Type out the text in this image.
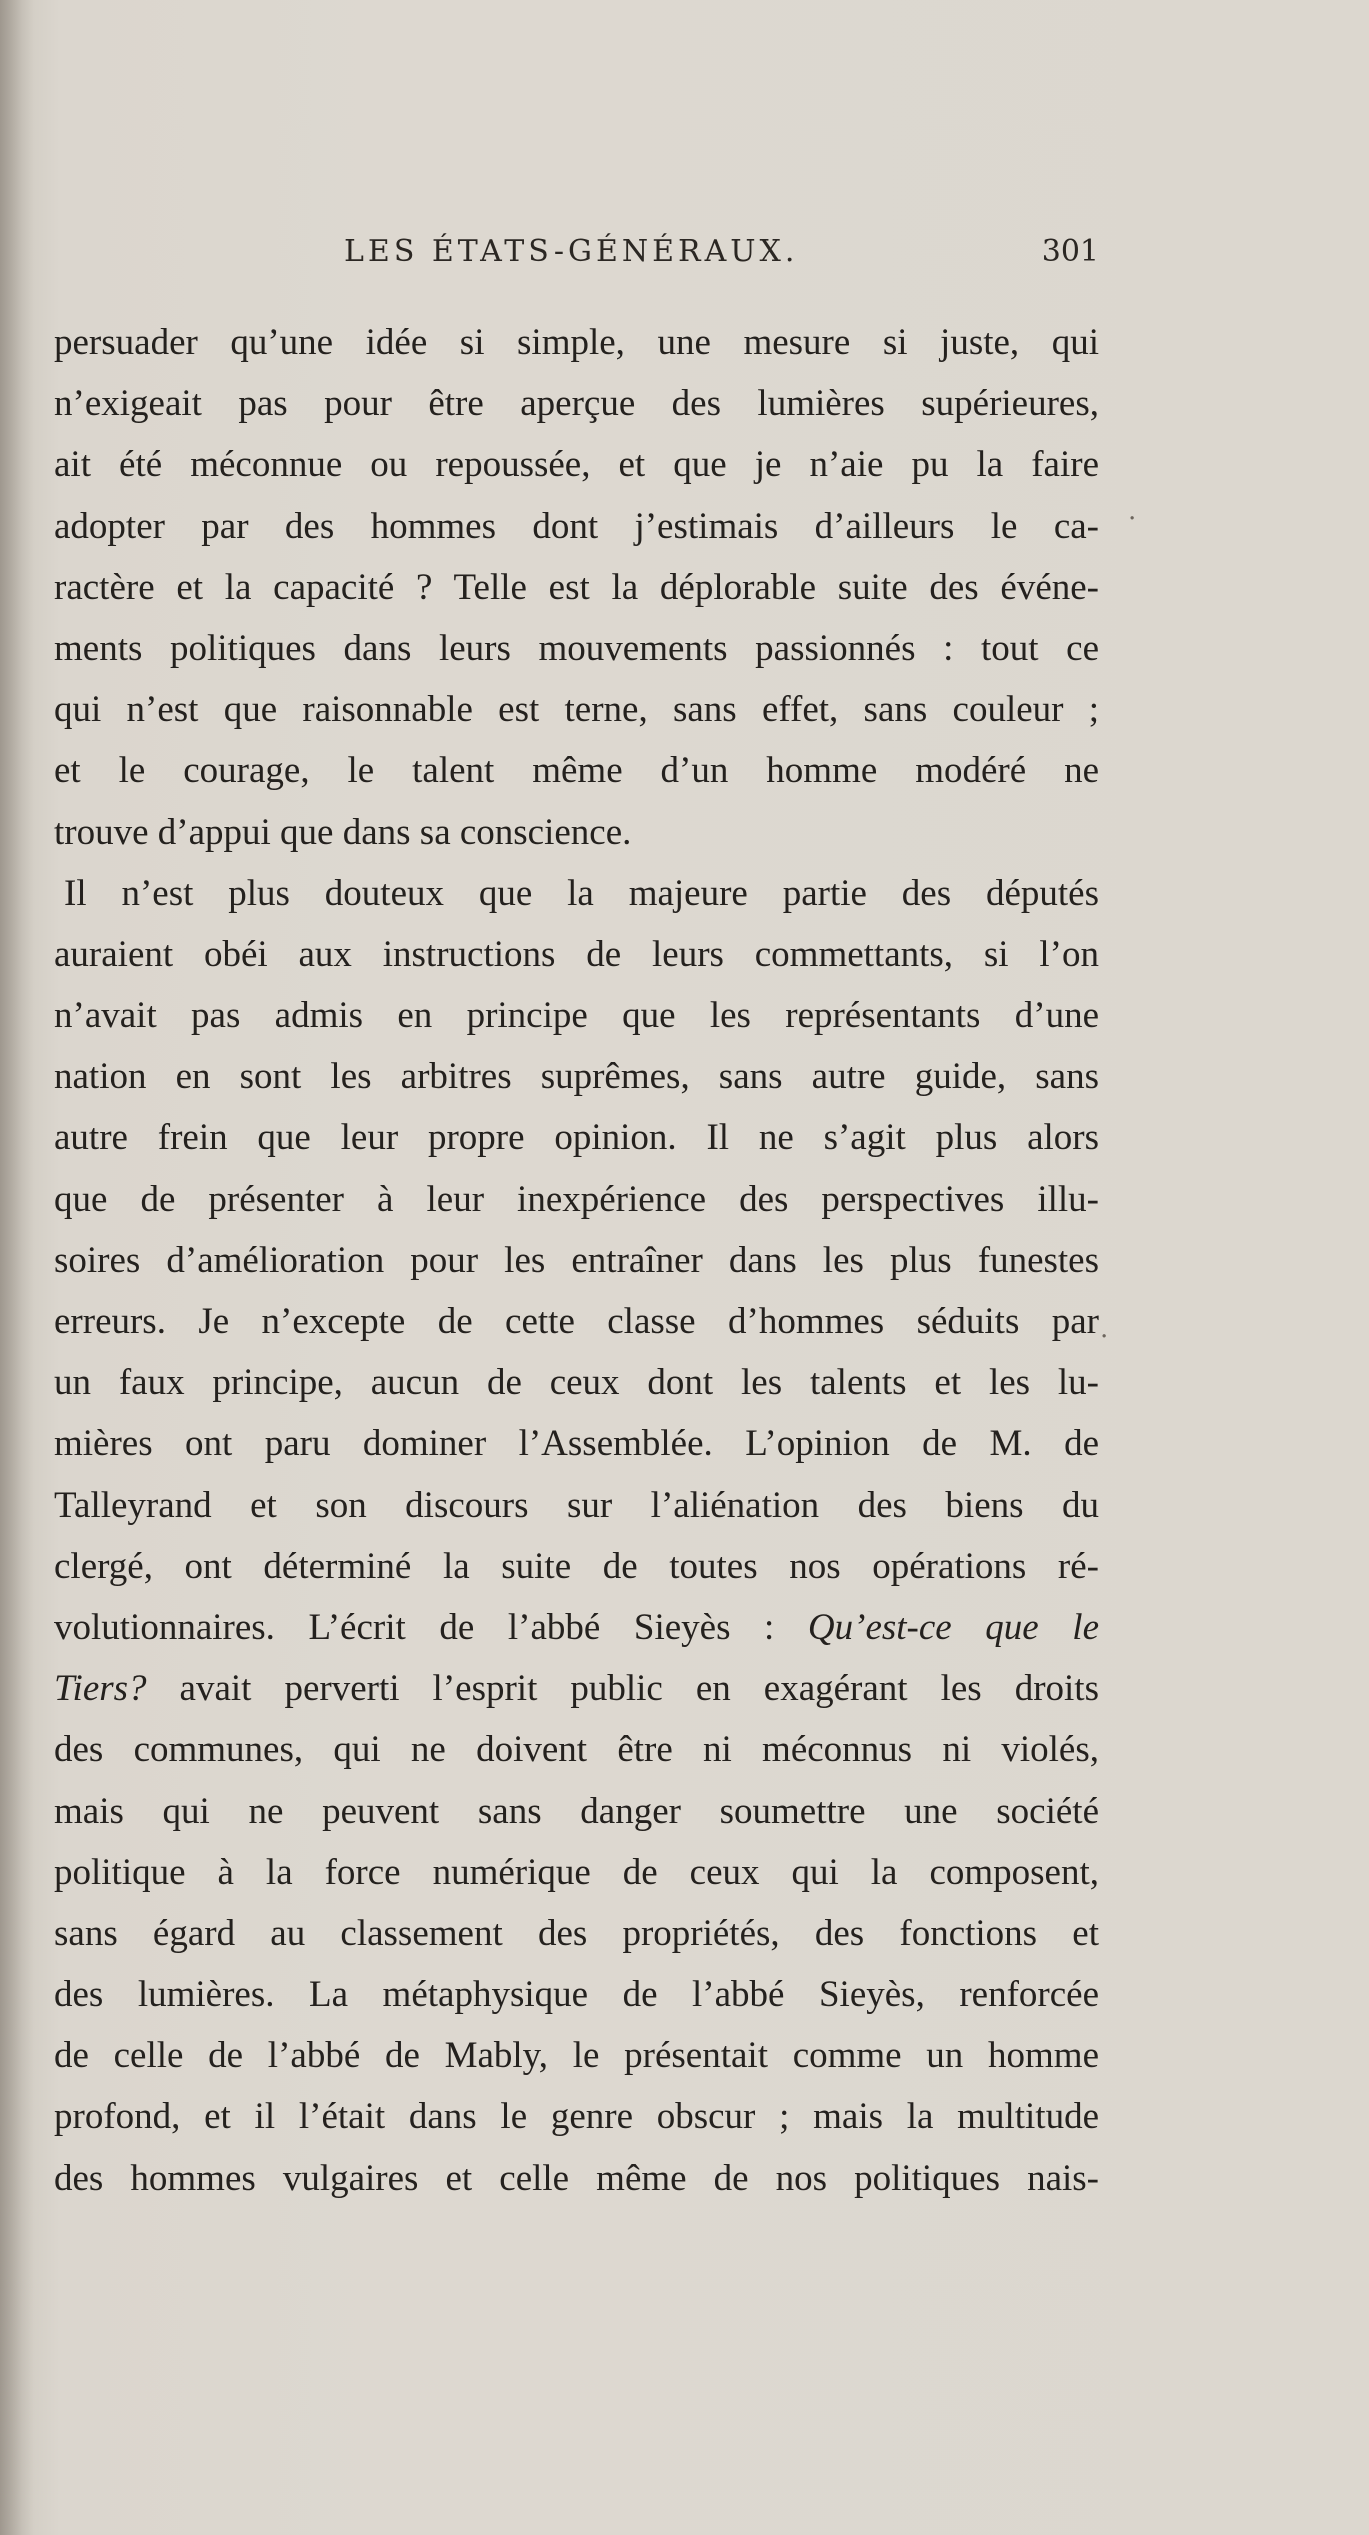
LES ÉTATS-GÉNÉRAUX.	301
persuader qu’une idée si simple, une mesure si juste, qui
n’exigeait pas pour être aperçue des lumières supérieures,
ait été méconnue ou repoussée, et que je n’aie pu la faire
adopter par des hommes dont j’estimais d’ailleurs le ca-
ractère et la capacité ? Telle est la déplorable suite des événe-
ments politiques dans leurs mouvements passionnés : tout ce
qui n’est que raisonnable est terne, sans effet, sans couleur ;
et le courage, le talent même d’un homme modéré ne
trouve d’appui que dans sa conscience.
Il n’est plus douteux que la majeure partie des députés
auraient obéi aux instructions de leurs commettants, si l’on
n’avait pas admis en principe que les représentants d’une
nation en sont les arbitres suprêmes, sans autre guide, sans
autre frein que leur propre opinion. Il ne s’agit plus alors
que de présenter à leur inexpérience des perspectives illu-
soires d’amélioration pour les entraîner dans les plus funestes
erreurs. Je n’excepte de cette classe d’hommes séduits par
un faux principe, aucun de ceux dont les talents et les lu-
mières ont paru dominer l’Assemblée. L’opinion de M. de
Talleyrand et son discours sur l’aliénation des biens du
clergé, ont déterminé la suite de toutes nos opérations ré-
volutionnaires. L’écrit de l’abbé Sieyès : Qu’est-ce que le
Tiers? avait perverti l’esprit public en exagérant les droits
des communes, qui ne doivent être ni méconnus ni violés,
mais qui ne peuvent sans danger soumettre une société
politique à la force numérique de ceux qui la composent,
sans égard au classement des propriétés, des fonctions et
des lumières. La métaphysique de l’abbé Sieyès, renforcée
de celle de l’abbé de Mably, le présentait comme un homme
profond, et il l’était dans le genre obscur ; mais la multitude
des hommes vulgaires et celle même de nos politiques nais-
.
.
